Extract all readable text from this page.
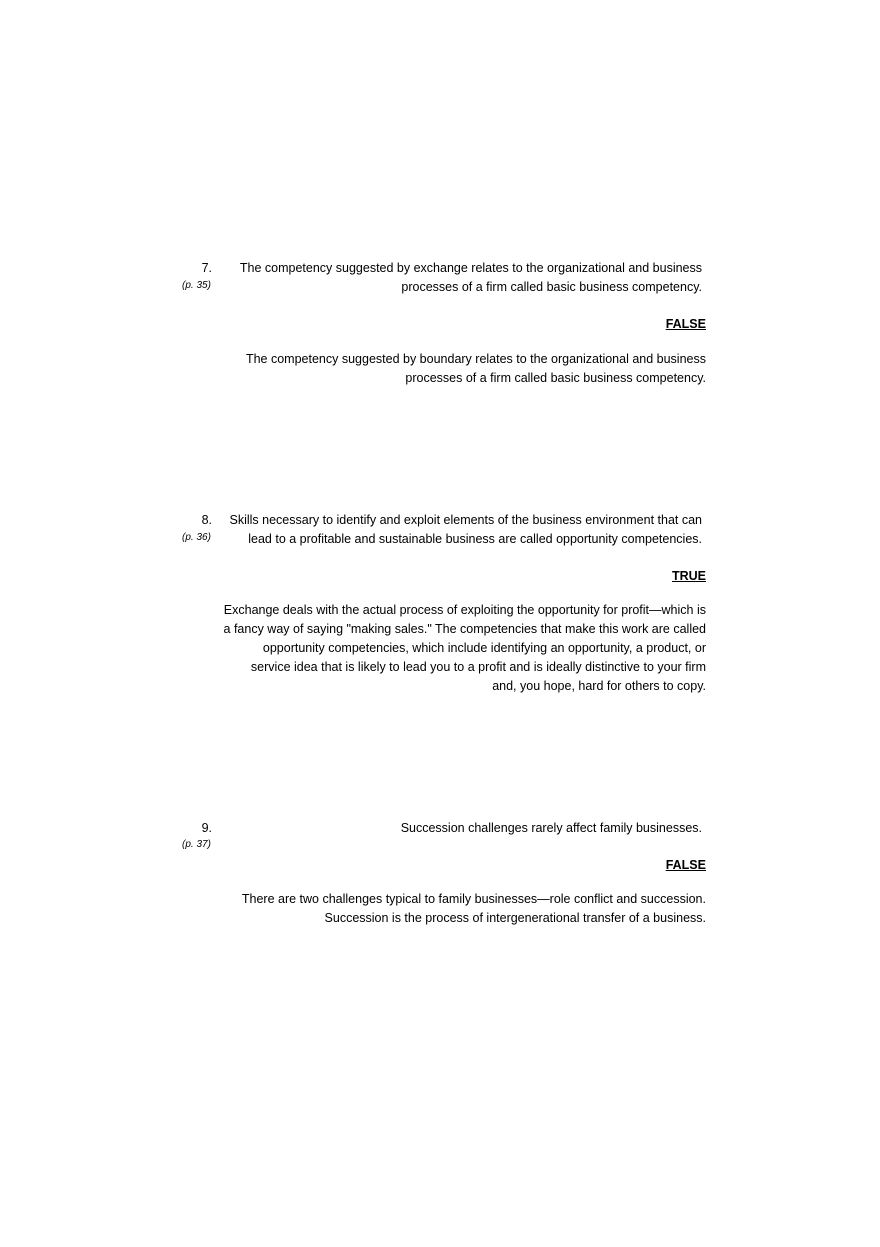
7.
(p. 35)
The competency suggested by exchange relates to the organizational and business
processes of a firm called basic business competency.
FALSE
The competency suggested by boundary relates to the organizational and business
processes of a firm called basic business competency.
8.
(p. 36)
Skills necessary to identify and exploit elements of the business environment that can
lead to a profitable and sustainable business are called opportunity competencies.
TRUE
Exchange deals with the actual process of exploiting the opportunity for profit—which is
a fancy way of saying "making sales." The competencies that make this work are called
opportunity competencies, which include identifying an opportunity, a product, or
service idea that is likely to lead you to a profit and is ideally distinctive to your firm
and, you hope, hard for others to copy.
9.
(p. 37)
Succession challenges rarely affect family businesses.
FALSE
There are two challenges typical to family businesses—role conflict and succession.
Succession is the process of intergenerational transfer of a business.
